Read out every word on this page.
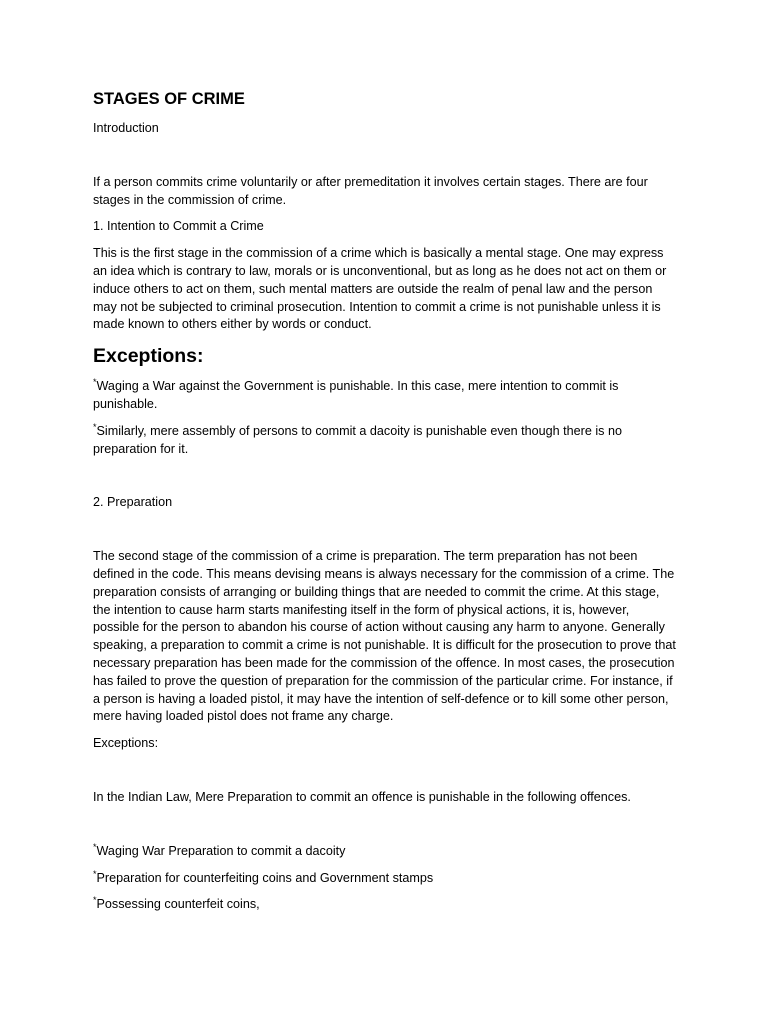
STAGES OF CRIME

Introduction

If a person commits crime voluntarily or after premeditation it involves certain stages. There are four stages in the commission of crime.

1. Intention to Commit a Crime

This is the first stage in the commission of a crime which is basically a mental stage. One may express an idea which is contrary to law, morals or is unconventional, but as long as he does not act on them or induce others to act on them, such mental matters are outside the realm of penal law and the person may not be subjected to criminal prosecution. Intention to commit a crime is not punishable unless it is made known to others either by words or conduct.

Exceptions:

*Waging a War against the Government is punishable. In this case, mere intention to commit is punishable.

*Similarly, mere assembly of persons to commit a dacoity is punishable even though there is no preparation for it.

2. Preparation

The second stage of the commission of a crime is preparation. The term preparation has not been defined in the code. This means devising means is always necessary for the commission of a crime. The preparation consists of arranging or building things that are needed to commit the crime. At this stage, the intention to cause harm starts manifesting itself in the form of physical actions, it is, however, possible for the person to abandon his course of action without causing any harm to anyone. Generally speaking, a preparation to commit a crime is not punishable. It is difficult for the prosecution to prove that necessary preparation has been made for the commission of the offence. In most cases, the prosecution has failed to prove the question of preparation for the commission of the particular crime. For instance, if a person is having a loaded pistol, it may have the intention of self-defence or to kill some other person, mere having loaded pistol does not frame any charge.

Exceptions:

In the Indian Law, Mere Preparation to commit an offence is punishable in the following offences.

*Waging War Preparation to commit a dacoity

*Preparation for counterfeiting coins and Government stamps

*Possessing counterfeit coins,
